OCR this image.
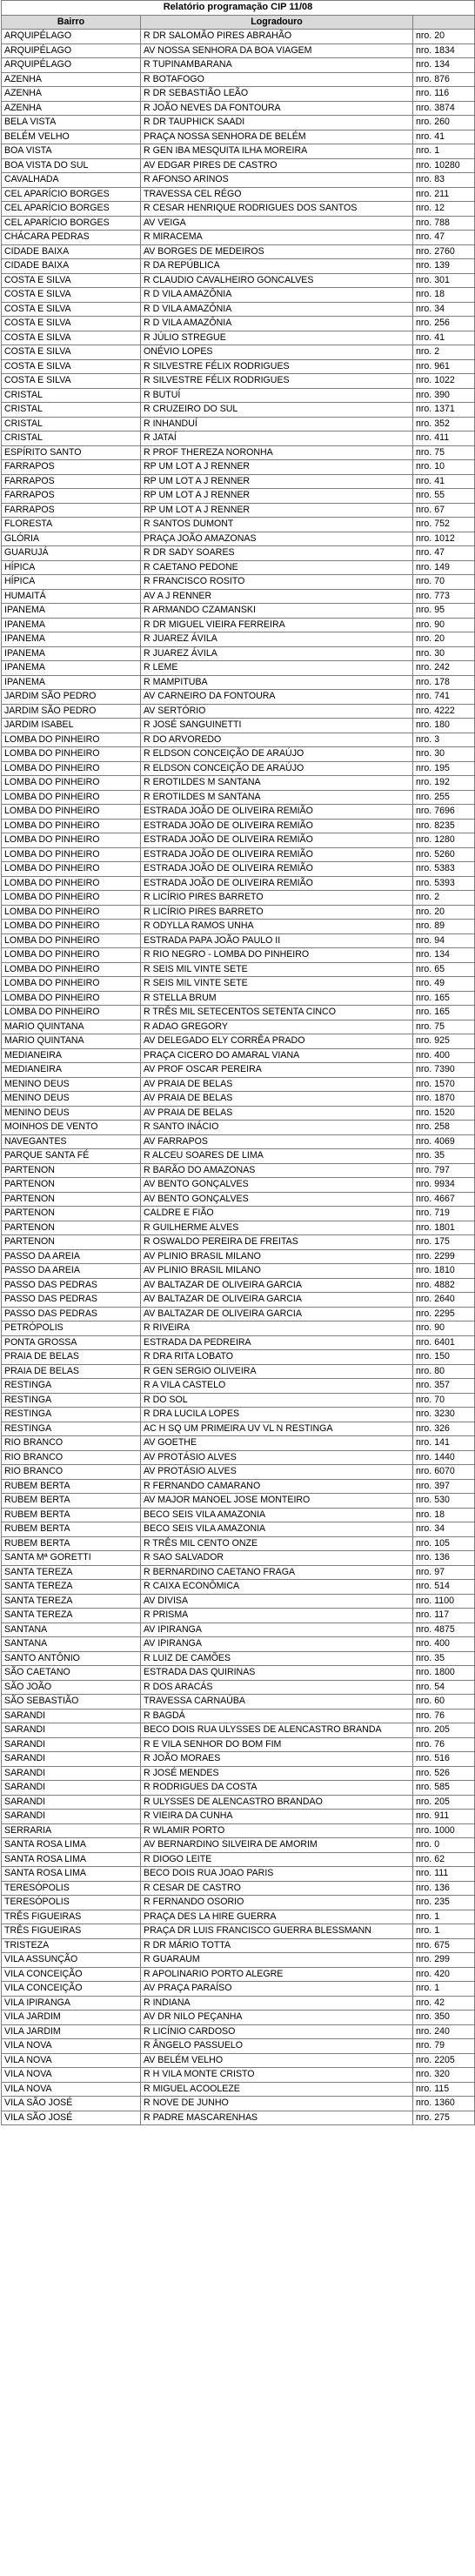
Relatório programação CIP 11/08		
Bairro	Logradouro	
ARQUIPÉLAGO	R DR SALOMÃO PIRES ABRAHÃO	nro. 20
ARQUIPÉLAGO	AV NOSSA SENHORA DA BOA VIAGEM	nro. 1834
ARQUIPÉLAGO	R TUPINAMBARANA	nro. 134
AZENHA	R BOTAFOGO	nro. 876
AZENHA	R DR SEBASTIÃO LEÃO	nro. 116
AZENHA	R JOÃO NEVES DA FONTOURA	nro. 3874
BELA VISTA	R DR TAUPHICK SAADI	nro. 260
BELÉM VELHO	PRAÇA NOSSA SENHORA DE BELÉM	nro. 41
BOA VISTA	R GEN IBA MESQUITA ILHA MOREIRA	nro. 1
BOA VISTA DO SUL	AV EDGAR PIRES DE CASTRO	nro. 10280
CAVALHADA	R AFONSO ARINOS	nro. 83
CEL APARÍCIO BORGES	TRAVESSA CEL RÉGO	nro. 211
CEL APARÍCIO BORGES	R CESAR HENRIQUE RODRIGUES DOS SANTOS	nro. 12
CEL APARÍCIO BORGES	AV VEIGA	nro. 788
CHÁCARA PEDRAS	R MIRACEMA	nro. 47
CIDADE BAIXA	AV BORGES DE MEDEIROS	nro. 2760
CIDADE BAIXA	R DA REPÚBLICA	nro. 139
COSTA E SILVA	R CLAUDIO CAVALHEIRO GONCALVES	nro. 301
COSTA E SILVA	R D VILA AMAZÔNIA	nro. 18
COSTA E SILVA	R D VILA AMAZÔNIA	nro. 34
COSTA E SILVA	R D VILA AMAZÔNIA	nro. 256
COSTA E SILVA	R JÚLIO STREGUE	nro. 41
COSTA E SILVA	ONÉVIO LOPES	nro. 2
COSTA E SILVA	R SILVESTRE FÉLIX RODRIGUES	nro. 961
COSTA E SILVA	R SILVESTRE FÉLIX RODRIGUES	nro. 1022
CRISTAL	R BUTUÍ	nro. 390
CRISTAL	R CRUZEIRO DO SUL	nro. 1371
CRISTAL	R INHANDUÍ	nro. 352
CRISTAL	R JATAÍ	nro. 411
ESPÍRITO SANTO	R PROF THEREZA NORONHA	nro. 75
FARRAPOS	RP UM LOT A J RENNER	nro. 10
FARRAPOS	RP UM LOT A J RENNER	nro. 41
FARRAPOS	RP UM LOT A J RENNER	nro. 55
FARRAPOS	RP UM LOT A J RENNER	nro. 67
FLORESTA	R SANTOS DUMONT	nro. 752
GLÓRIA	PRAÇA JOÃO AMAZONAS	nro. 1012
GUARUJÁ	R DR SADY SOARES	nro. 47
HÍPICA	R CAETANO PEDONE	nro. 149
HÍPICA	R FRANCISCO ROSITO	nro. 70
HUMAITÁ	AV A J RENNER	nro. 773
IPANEMA	R ARMANDO CZAMANSKI	nro. 95
IPANEMA	R DR MIGUEL VIEIRA FERREIRA	nro. 90
IPANEMA	R JUAREZ ÁVILA	nro. 20
IPANEMA	R JUAREZ ÁVILA	nro. 30
IPANEMA	R LEME	nro. 242
IPANEMA	R MAMPITUBA	nro. 178
JARDIM SÃO PEDRO	AV CARNEIRO DA FONTOURA	nro. 741
JARDIM SÃO PEDRO	AV SERTÓRIO	nro. 4222
JARDIM ISABEL	R JOSÉ SANGUINETTI	nro. 180
LOMBA DO PINHEIRO	R DO ARVOREDO	nro. 3
LOMBA DO PINHEIRO	R ELDSON CONCEIÇÃO DE ARAÚJO	nro. 30
LOMBA DO PINHEIRO	R ELDSON CONCEIÇÃO DE ARAÚJO	nro. 195
LOMBA DO PINHEIRO	R EROTILDES M SANTANA	nro. 192
LOMBA DO PINHEIRO	R EROTILDES M SANTANA	nro. 255
LOMBA DO PINHEIRO	ESTRADA JOÃO DE OLIVEIRA REMIÃO	nro. 7696
LOMBA DO PINHEIRO	ESTRADA JOÃO DE OLIVEIRA REMIÃO	nro. 8235
LOMBA DO PINHEIRO	ESTRADA JOÃO DE OLIVEIRA REMIÃO	nro. 1280
LOMBA DO PINHEIRO	ESTRADA JOÃO DE OLIVEIRA REMIÃO	nro. 5260
LOMBA DO PINHEIRO	ESTRADA JOÃO DE OLIVEIRA REMIÃO	nro. 5383
LOMBA DO PINHEIRO	ESTRADA JOÃO DE OLIVEIRA REMIÃO	nro. 5393
LOMBA DO PINHEIRO	R LICÍRIO PIRES BARRETO	nro. 2
LOMBA DO PINHEIRO	R LICÍRIO PIRES BARRETO	nro. 20
LOMBA DO PINHEIRO	R ODYLLA RAMOS UNHA	nro. 89
LOMBA DO PINHEIRO	ESTRADA PAPA JOÃO PAULO II	nro. 94
LOMBA DO PINHEIRO	R RIO NEGRO - LOMBA DO PINHEIRO	nro. 134
LOMBA DO PINHEIRO	R SEIS MIL VINTE SETE	nro. 65
LOMBA DO PINHEIRO	R SEIS MIL VINTE SETE	nro. 49
LOMBA DO PINHEIRO	R STELLA BRUM	nro. 165
LOMBA DO PINHEIRO	R TRÊS MIL SETECENTOS SETENTA CINCO	nro. 165
MARIO QUINTANA	R ADAO GREGORY	nro. 75
MARIO QUINTANA	AV DELEGADO ELY CORRÊA PRADO	nro. 925
MEDIANEIRA	PRAÇA CICERO DO AMARAL VIANA	nro. 400
MEDIANEIRA	AV PROF OSCAR PEREIRA	nro. 7390
MENINO DEUS	AV PRAIA DE BELAS	nro. 1570
MENINO DEUS	AV PRAIA DE BELAS	nro. 1870
MENINO DEUS	AV PRAIA DE BELAS	nro. 1520
MOINHOS DE VENTO	R SANTO INÁCIO	nro. 258
NAVEGANTES	AV FARRAPOS	nro. 4069
PARQUE SANTA FÉ	R ALCEU SOARES DE LIMA	nro. 35
PARTENON	R BARÃO DO AMAZONAS	nro. 797
PARTENON	AV BENTO GONÇALVES	nro. 9934
PARTENON	AV BENTO GONÇALVES	nro. 4667
PARTENON	CALDRE E FIÃO	nro. 719
PARTENON	R GUILHERME ALVES	nro. 1801
PARTENON	R OSWALDO PEREIRA DE FREITAS	nro. 175
PASSO DA AREIA	AV PLINIO BRASIL MILANO	nro. 2299
PASSO DA AREIA	AV PLINIO BRASIL MILANO	nro. 1810
PASSO DAS PEDRAS	AV BALTAZAR DE OLIVEIRA GARCIA	nro. 4882
PASSO DAS PEDRAS	AV BALTAZAR DE OLIVEIRA GARCIA	nro. 2640
PASSO DAS PEDRAS	AV BALTAZAR DE OLIVEIRA GARCIA	nro. 2295
PETRÓPOLIS	R RIVEIRA	nro. 90
PONTA GROSSA	ESTRADA DA PEDREIRA	nro. 6401
PRAIA DE BELAS	R DRA RITA LOBATO	nro. 150
PRAIA DE BELAS	R GEN SERGIO OLIVEIRA	nro. 80
RESTINGA	R A VILA CASTELO	nro. 357
RESTINGA	R DO SOL	nro. 70
RESTINGA	R DRA LUCILA LOPES	nro. 3230
RESTINGA	AC H SQ UM PRIMEIRA UV VL N RESTINGA	nro. 326
RIO BRANCO	AV GOETHE	nro. 141
RIO BRANCO	AV PROTÁSIO ALVES	nro. 1440
RIO BRANCO	AV PROTÁSIO ALVES	nro. 6070
RUBEM BERTA	R FERNANDO CAMARANO	nro. 397
RUBEM BERTA	AV MAJOR MANOEL JOSE MONTEIRO	nro. 530
RUBEM BERTA	BECO SEIS VILA AMAZONIA	nro. 18
RUBEM BERTA	BECO SEIS VILA AMAZONIA	nro. 34
RUBEM BERTA	R TRÊS MIL CENTO ONZE	nro. 105
SANTA Mª GORETTI	R SAO SALVADOR	nro. 136
SANTA TEREZA	R BERNARDINO CAETANO FRAGA	nro. 97
SANTA TEREZA	R CAIXA ECONÔMICA	nro. 514
SANTA TEREZA	AV DIVISA	nro. 1100
SANTA TEREZA	R PRISMA	nro. 117
SANTANA	AV IPIRANGA	nro. 4875
SANTANA	AV IPIRANGA	nro. 400
SANTO ANTÔNIO	R LUIZ DE CAMÕES	nro. 35
SÃO CAETANO	ESTRADA DAS QUIRINAS	nro. 1800
SÃO JOÃO	R DOS ARACÁS	nro. 54
SÃO SEBASTIÃO	TRAVESSA CARNAÚBA	nro. 60
SARANDI	R BAGDÁ	nro. 76
SARANDI	BECO DOIS RUA ULYSSES DE ALENCASTRO BRANDA	nro. 205
SARANDI	R E VILA SENHOR DO BOM FIM	nro. 76
SARANDI	R JOÃO MORAES	nro. 516
SARANDI	R JOSÉ MENDES	nro. 526
SARANDI	R RODRIGUES DA COSTA	nro. 585
SARANDI	R ULYSSES DE ALENCASTRO BRANDAO	nro. 205
SARANDI	R VIEIRA DA CUNHA	nro. 911
SERRARIA	R WLAMIR PORTO	nro. 1000
SANTA ROSA LIMA	AV BERNARDINO SILVEIRA DE AMORIM	nro. 0
SANTA ROSA LIMA	R DIOGO LEITE	nro. 62
SANTA ROSA LIMA	BECO DOIS RUA JOAO PARIS	nro. 111
TERESÓPOLIS	R CESAR DE CASTRO	nro. 136
TERESÓPOLIS	R FERNANDO OSORIO	nro. 235
TRÊS FIGUEIRAS	PRAÇA DES LA HIRE GUERRA	nro. 1
TRÊS FIGUEIRAS	PRAÇA DR LUIS FRANCISCO GUERRA BLESSMANN	nro. 1
TRISTEZA	R DR MÁRIO TOTTA	nro. 675
VILA ASSUNÇÃO	R GUARAUM	nro. 299
VILA CONCEIÇÃO	R APOLINARIO PORTO ALEGRE	nro. 420
VILA CONCEIÇÃO	AV PRAÇA PARAÍSO	nro. 1
VILA IPIRANGA	R INDIANA	nro. 42
VILA JARDIM	AV DR NILO PEÇANHA	nro. 350
VILA JARDIM	R LICÍNIO CARDOSO	nro. 240
VILA NOVA	R ÂNGELO PASSUELO	nro. 79
VILA NOVA	AV BELÉM VELHO	nro. 2205
VILA NOVA	R H VILA MONTE CRISTO	nro. 320
VILA NOVA	R MIGUEL ACOOLEZE	nro. 115
VILA SÃO JOSÉ	R NOVE DE JUNHO	nro. 1360
VILA SÃO JOSÉ	R PADRE MASCARENHAS	nro. 275
